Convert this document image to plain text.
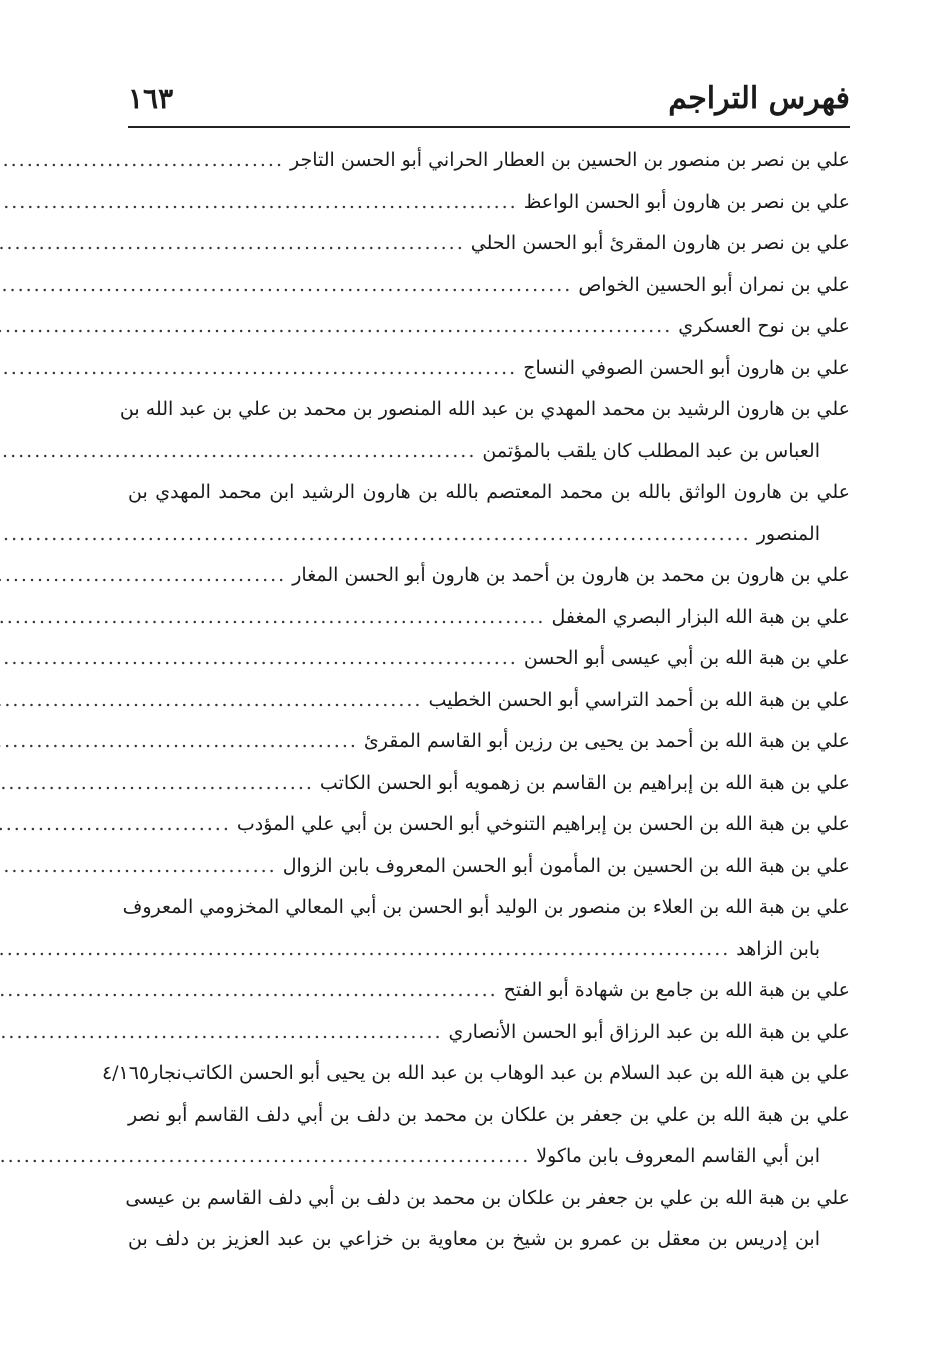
فهرس التراجم
١٦٣
علي بن نصر بن منصور بن الحسين بن العطار الحراني أبو الحسن التاجر
.....
علي بن نصر بن هارون أبو الحسن الواعظ
.....
علي بن نصر بن هارون المقرئ أبو الحسن الحلي
.....
علي بن نمران أبو الحسين الخواص
.....
علي بن نوح العسكري
.....
علي بن هارون أبو الحسن الصوفي النساج
.....
علي بن هارون الرشيد بن محمد المهدي بن عبد الله المنصور بن محمد بن علي بن عبد الله بن
العباس بن عبد المطلب كان يلقب بالمؤتمن
.....
علي بن هارون الواثق بالله بن محمد المعتصم بالله بن هارون الرشيد ابن محمد المهدي بن
المنصور
.....
علي بن هارون بن محمد بن هارون بن أحمد بن هارون أبو الحسن المغار
.....
علي بن هبة الله البزار البصري المغفل
.....
علي بن هبة الله بن أبي عيسى أبو الحسن
.....
علي بن هبة الله بن أحمد التراسي أبو الحسن الخطيب
.....
علي بن هبة الله بن أحمد بن يحيى بن رزين أبو القاسم المقرئ
.....
علي بن هبة الله بن إبراهيم بن القاسم بن زهمويه أبو الحسن الكاتب
.....
علي بن هبة الله بن الحسن بن إبراهيم التنوخي أبو الحسن بن أبي علي المؤدب
.....
علي بن هبة الله بن الحسين بن المأمون أبو الحسن المعروف بابن الزوال
.....
علي بن هبة الله بن العلاء بن منصور بن الوليد أبو الحسن بن أبي المعالي المخزومي المعروف
بابن الزاهد
.....
علي بن هبة الله بن جامع بن شهادة أبو الفتح
.....
علي بن هبة الله بن عبد الرزاق أبو الحسن الأنصاري
.....
علي بن هبة الله بن عبد السلام بن عبد الوهاب بن عبد الله بن يحيى أبو الحسن الكاتب
نجار٤/١٦٥
علي بن هبة الله بن علي بن جعفر بن علكان بن محمد بن دلف بن أبي دلف القاسم أبو نصر
ابن أبي القاسم المعروف بابن ماكولا
.....
علي بن هبة الله بن علي بن جعفر بن علكان بن محمد بن دلف بن أبي دلف القاسم بن عيسى
ابن إدريس بن معقل بن عمرو بن شيخ بن معاوية بن خزاعي بن عبد العزيز بن دلف بن
